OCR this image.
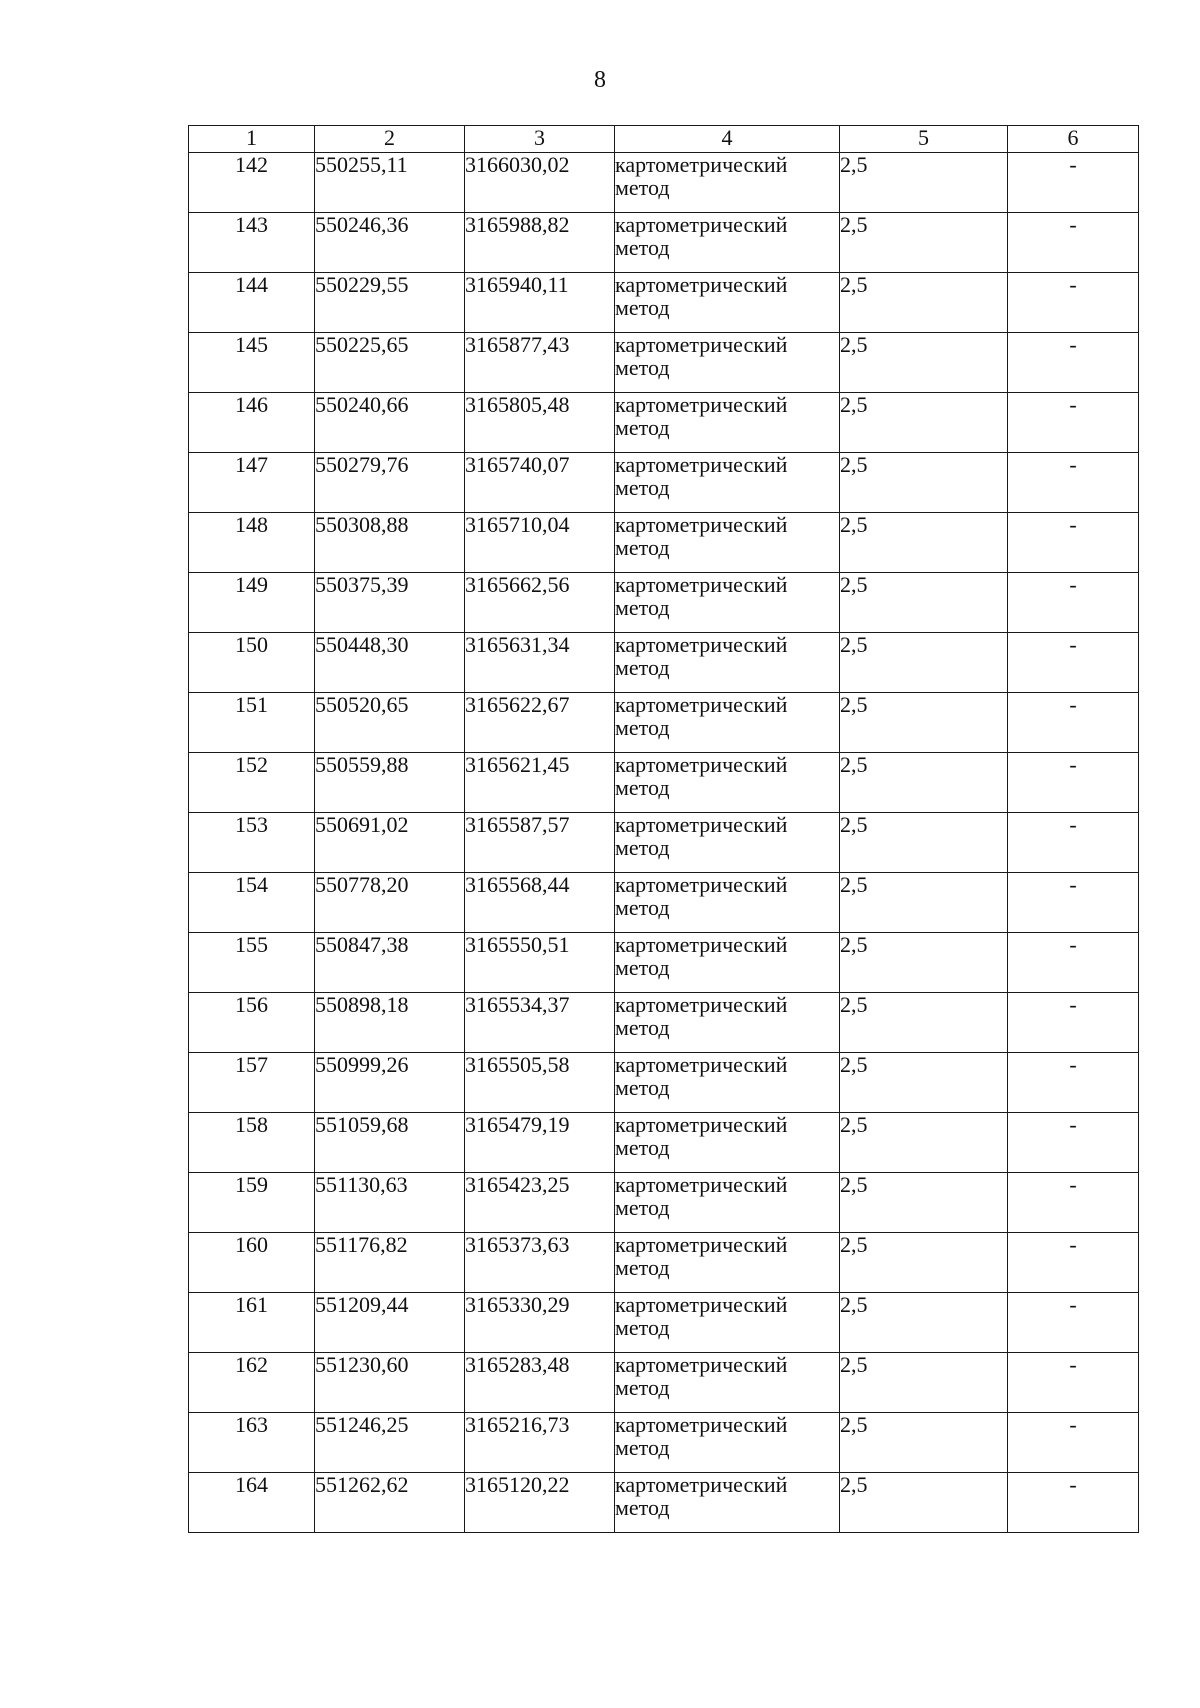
8
1	2	3	4	5	6
142	550255,11	3166030,02	картометрический метод	2,5	-
143	550246,36	3165988,82	картометрический метод	2,5	-
144	550229,55	3165940,11	картометрический метод	2,5	-
145	550225,65	3165877,43	картометрический метод	2,5	-
146	550240,66	3165805,48	картометрический метод	2,5	-
147	550279,76	3165740,07	картометрический метод	2,5	-
148	550308,88	3165710,04	картометрический метод	2,5	-
149	550375,39	3165662,56	картометрический метод	2,5	-
150	550448,30	3165631,34	картометрический метод	2,5	-
151	550520,65	3165622,67	картометрический метод	2,5	-
152	550559,88	3165621,45	картометрический метод	2,5	-
153	550691,02	3165587,57	картометрический метод	2,5	-
154	550778,20	3165568,44	картометрический метод	2,5	-
155	550847,38	3165550,51	картометрический метод	2,5	-
156	550898,18	3165534,37	картометрический метод	2,5	-
157	550999,26	3165505,58	картометрический метод	2,5	-
158	551059,68	3165479,19	картометрический метод	2,5	-
159	551130,63	3165423,25	картометрический метод	2,5	-
160	551176,82	3165373,63	картометрический метод	2,5	-
161	551209,44	3165330,29	картометрический метод	2,5	-
162	551230,60	3165283,48	картометрический метод	2,5	-
163	551246,25	3165216,73	картометрический метод	2,5	-
164	551262,62	3165120,22	картометрический метод	2,5	-
